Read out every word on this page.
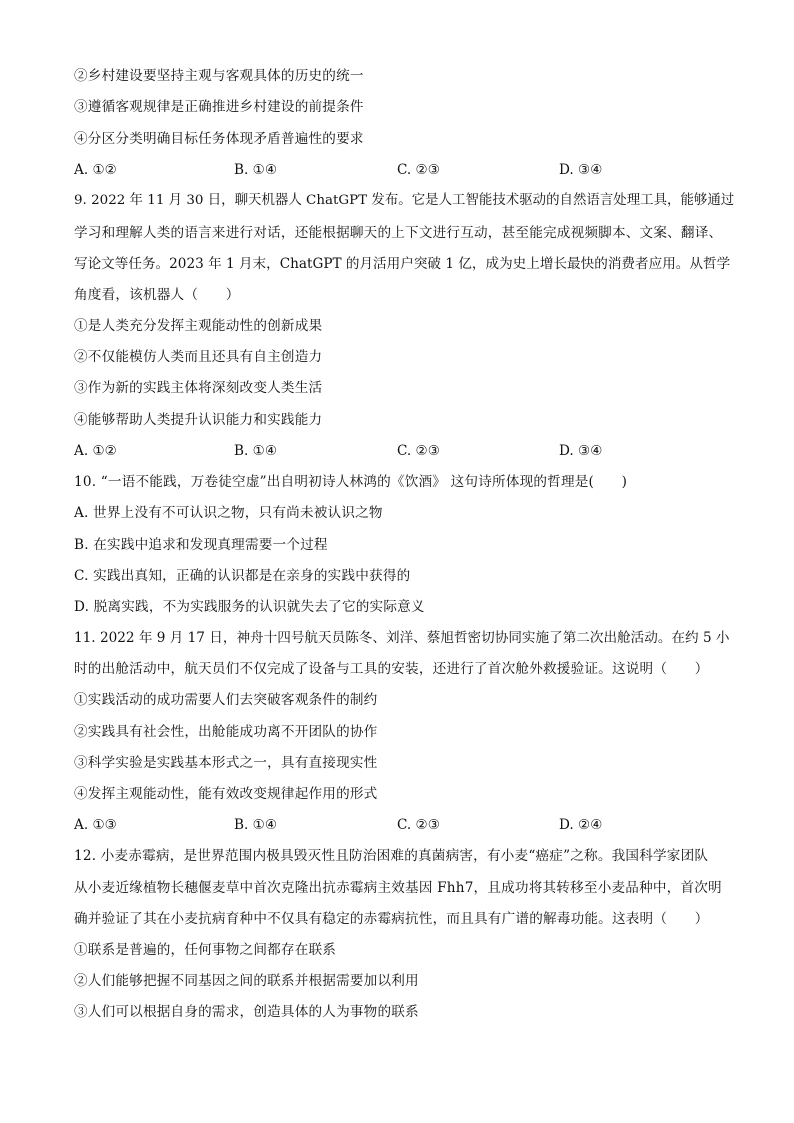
②乡村建设要坚持主观与客观具体的历史的统一
③遵循客观规律是正确推进乡村建设的前提条件
④分区分类明确目标任务体现矛盾普遍性的要求
A. ①②	B. ①④	C. ②③	D. ③④
9. 2022 年 11 月 30 日，聊天机器人 ChatGPT 发布。它是人工智能技术驱动的自然语言处理工具，能够通过
学习和理解人类的语言来进行对话，还能根据聊天的上下文进行互动，甚至能完成视频脚本、文案、翻译、
写论文等任务。2023 年 1 月末，ChatGPT 的月活用户突破 1 亿，成为史上增长最快的消费者应用。从哲学
角度看，该机器人（　　）
①是人类充分发挥主观能动性的创新成果
②不仅能模仿人类而且还具有自主创造力
③作为新的实践主体将深刻改变人类生活
④能够帮助人类提升认识能力和实践能力
A. ①②	B. ①④	C. ②③	D. ③④
10. “一语不能践，万卷徒空虚”出自明初诗人林鸿的《饮酒》 这句诗所体现的哲理是(　　)
A. 世界上没有不可认识之物，只有尚未被认识之物
B. 在实践中追求和发现真理需要一个过程
C. 实践出真知，正确的认识都是在亲身的实践中获得的
D. 脱离实践，不为实践服务的认识就失去了它的实际意义
11. 2022 年 9 月 17 日，神舟十四号航天员陈冬、刘洋、蔡旭哲密切协同实施了第二次出舱活动。在约 5 小
时的出舱活动中，航天员们不仅完成了设备与工具的安装，还进行了首次舱外救援验证。这说明（　　）
①实践活动的成功需要人们去突破客观条件的制约
②实践具有社会性，出舱能成功离不开团队的协作
③科学实验是实践基本形式之一，具有直接现实性
④发挥主观能动性，能有效改变规律起作用的形式
A. ①③	B. ①④	C. ②③	D. ②④
12. 小麦赤霉病，是世界范围内极具毁灭性且防治困难的真菌病害，有小麦“癌症”之称。我国科学家团队
从小麦近缘植物长穗偃麦草中首次克隆出抗赤霉病主效基因 Fhh7，且成功将其转移至小麦品种中，首次明
确并验证了其在小麦抗病育种中不仅具有稳定的赤霉病抗性，而且具有广谱的解毒功能。这表明（　　）
①联系是普遍的，任何事物之间都存在联系
②人们能够把握不同基因之间的联系并根据需要加以利用
③人们可以根据自身的需求，创造具体的人为事物的联系
